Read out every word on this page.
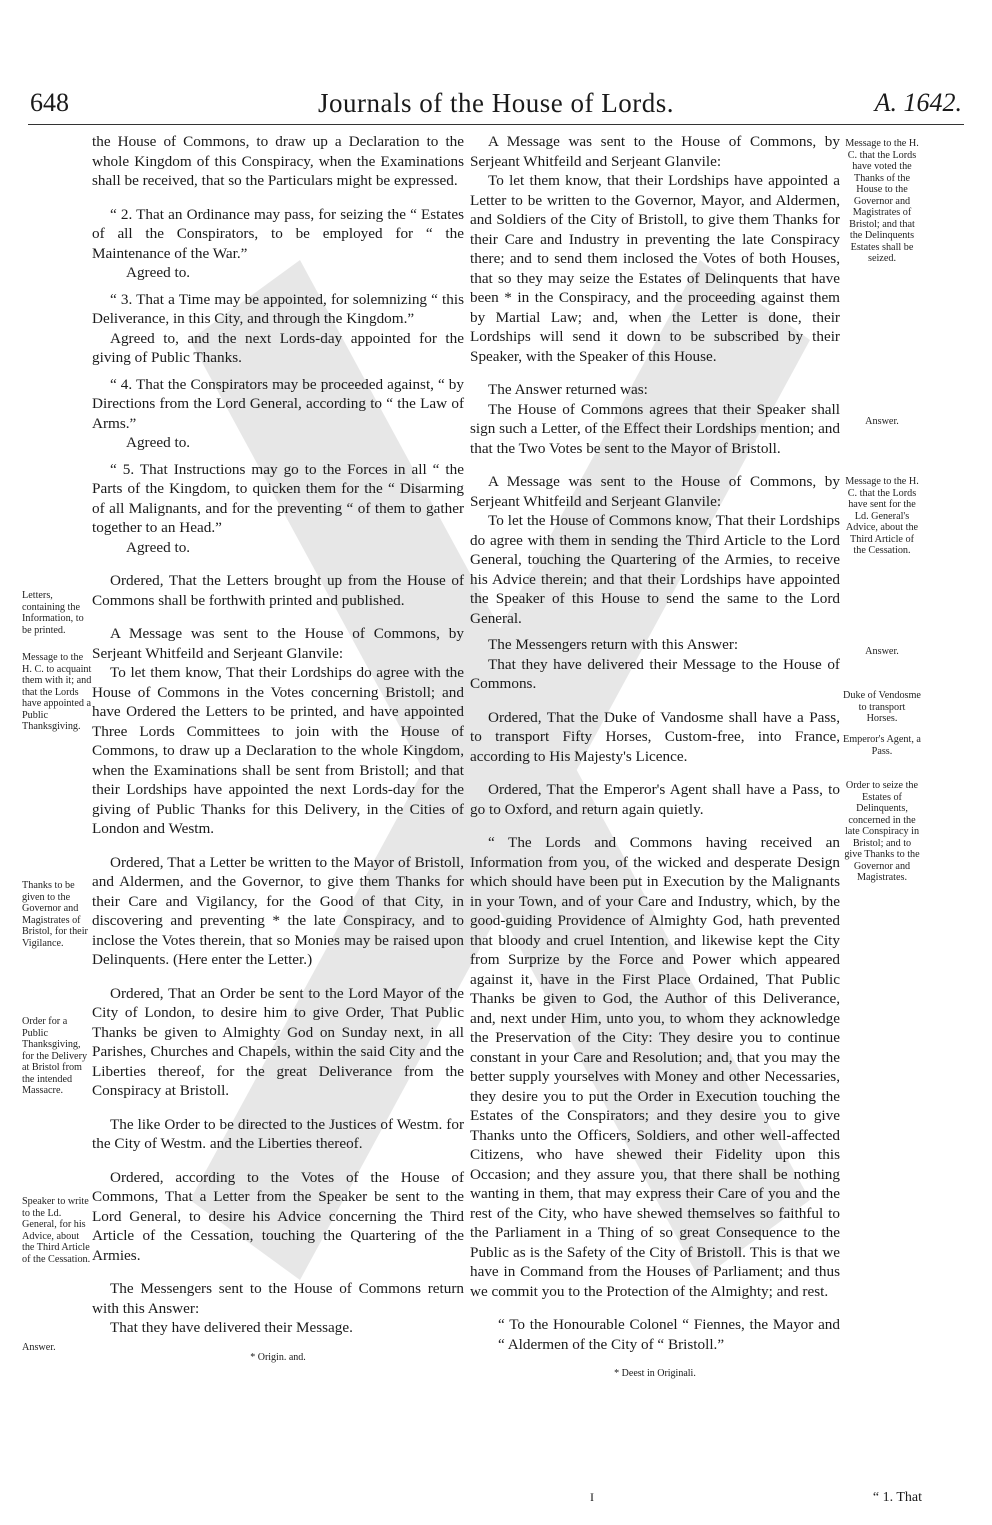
648	Journals of the House of Lords.	A. 1642.

the House of Commons, to draw up a Declaration to the whole Kingdom of this Conspiracy, when the Examinations shall be received, that so the Particulars might be expressed.

“ 2. That an Ordinance may pass, for seizing the “ Estates of all the Conspirators, to be employed for “ the Maintenance of the War.”

Agreed to.

“ 3. That a Time may be appointed, for solemnizing “ this Deliverance, in this City, and through the Kingdom.”

Agreed to, and the next Lords-day appointed for the giving of Public Thanks.

“ 4. That the Conspirators may be proceeded against, “ by Directions from the Lord General, according to “ the Law of Arms.”

Agreed to.

“ 5. That Instructions may go to the Forces in all “ the Parts of the Kingdom, to quicken them for the “ Disarming of all Malignants, and for the preventing “ of them to gather together to an Head.”

Agreed to.

Ordered, That the Letters brought up from the House of Commons shall be forthwith printed and published.

A Message was sent to the House of Commons, by Serjeant Whitfeild and Serjeant Glanvile:

To let them know, That their Lordships do agree with the House of Commons in the Votes concerning Bristoll; and have Ordered the Letters to be printed, and have appointed Three Lords Committees to join with the House of Commons, to draw up a Declaration to the whole Kingdom, when the Examinations shall be sent from Bristoll; and that their Lordships have appointed the next Lords-day for the giving of Public Thanks for this Delivery, in the Cities of London and Westm.

Ordered, That a Letter be written to the Mayor of Bristoll, and Aldermen, and the Governor, to give them Thanks for their Care and Vigilancy, for the Good of that City, in discovering and preventing * the late Conspiracy, and to inclose the Votes therein, that so Monies may be raised upon Delinquents. (Here enter the Letter.)

Ordered, That an Order be sent to the Lord Mayor of the City of London, to desire him to give Order, That Public Thanks be given to Almighty God on Sunday next, in all Parishes, Churches and Chapels, within the said City and the Liberties thereof, for the great Deliverance from the Conspiracy at Bristoll.

The like Order to be directed to the Justices of Westm. for the City of Westm. and the Liberties thereof.

Ordered, according to the Votes of the House of Commons, That a Letter from the Speaker be sent to the Lord General, to desire his Advice concerning the Third Article of the Cessation, touching the Quartering of the Armies.

The Messengers sent to the House of Commons return with this Answer:

That they have delivered their Message.

* Origin. and.

Letters, containing the Information, to be printed.
Message to the H. C. to acquaint them with it; and that the Lords have appointed a Public Thanksgiving.
Thanks to be given to the Governor and Magistrates of Bristol, for their Vigilance.
Order for a Public Thanksgiving, for the Delivery at Bristol from the intended Massacre.
Speaker to write to the Ld. General, for his Advice, about the Third Article of the Cessation.
Answer.

A Message was sent to the House of Commons, by Serjeant Whitfeild and Serjeant Glanvile:

To let them know, that their Lordships have appointed a Letter to be written to the Governor, Mayor, and Aldermen, and Soldiers of the City of Bristoll, to give them Thanks for their Care and Industry in preventing the late Conspiracy there; and to send them inclosed the Votes of both Houses, that so they may seize the Estates of Delinquents that have been * in the Conspiracy, and the proceeding against them by Martial Law; and, when the Letter is done, their Lordships will send it down to be subscribed by their Speaker, with the Speaker of this House.

The Answer returned was:

The House of Commons agrees that their Speaker shall sign such a Letter, of the Effect their Lordships mention; and that the Two Votes be sent to the Mayor of Bristoll.

A Message was sent to the House of Commons, by Serjeant Whitfeild and Serjeant Glanvile:

To let the House of Commons know, That their Lordships do agree with them in sending the Third Article to the Lord General, touching the Quartering of the Armies, to receive his Advice therein; and that their Lordships have appointed the Speaker of this House to send the same to the Lord General.

The Messengers return with this Answer:

That they have delivered their Message to the House of Commons.

Ordered, That the Duke of Vandosme shall have a Pass, to transport Fifty Horses, Custom-free, into France, according to His Majesty's Licence.

Ordered, That the Emperor's Agent shall have a Pass, to go to Oxford, and return again quietly.

“ The Lords and Commons having received an Information from you, of the wicked and desperate Design which should have been put in Execution by the Malignants in your Town, and of your Care and Industry, which, by the good-guiding Providence of Almighty God, hath prevented that bloody and cruel Intention, and likewise kept the City from Surprize by the Force and Power which appeared against it, have in the First Place Ordained, That Public Thanks be given to God, the Author of this Deliverance, and, next under Him, unto you, to whom they acknowledge the Preservation of the City: They desire you to continue constant in your Care and Resolution; and, that you may the better supply yourselves with Money and other Necessaries, they desire you to put the Order in Execution touching the Estates of the Conspirators; and they desire you to give Thanks unto the Officers, Soldiers, and other well-affected Citizens, who have shewed their Fidelity upon this Occasion; and they assure you, that there shall be nothing wanting in them, that may express their Care of you and the rest of the City, who have shewed themselves so faithful to the Parliament in a Thing of so great Consequence to the Public as is the Safety of the City of Bristoll. This is that we have in Command from the Houses of Parliament; and thus we commit you to the Protection of the Almighty; and rest.

“ To the Honourable Colonel “ Fiennes, the Mayor and “ Aldermen of the City of “ Bristoll.”

* Deest in Originali.

Message to the H. C. that the Lords have voted the Thanks of the House to the Governor and Magistrates of Bristol; and that the Delinquents Estates shall be seized.
Answer.
Message to the H. C. that the Lords have sent for the Ld. General's Advice, about the Third Article of the Cessation.
Answer.
Duke of Vendosme to transport Horses.
Emperor's Agent, a Pass.
Order to seize the Estates of Delinquents, concerned in the late Conspiracy in Bristol; and to give Thanks to the Governor and Magistrates.
I	“ 1. That
